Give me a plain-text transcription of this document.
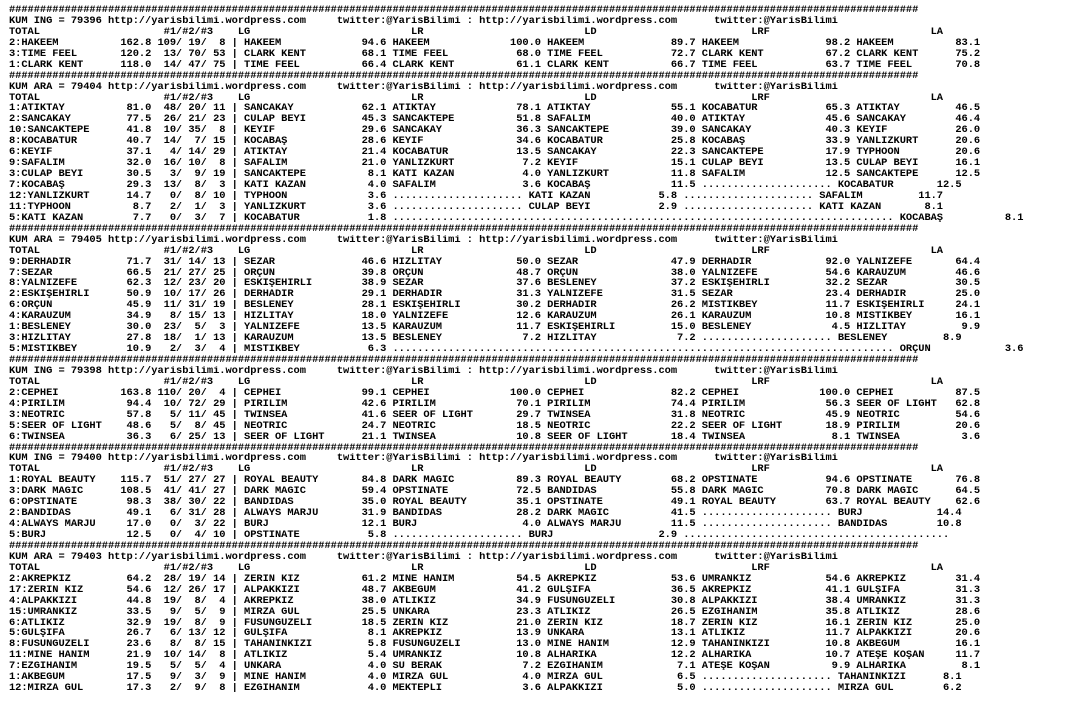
###################################################################################################################################################
KUM ING = 79396 http://yarisbilimi.wordpress.com     twitter:@YarisBilimi : http://yarisbilimi.wordpress.com      twitter:@YarisBilimi
TOTAL                    #1/#2/#3    LG                          LR                          LD                         LRF                          LA
2:HAKEEM          162.8 109/ 19/  8 | HAKEEM             94.6 HAKEEM             100.0 HAKEEM              89.7 HAKEEM              98.2 HAKEEM          83.1
3:TIME FEEL       120.2  13/ 70/ 53 | CLARK KENT         68.1 TIME FEEL           68.0 TIME FEEL           72.7 CLARK KENT          67.2 CLARK KENT      75.2
1:CLARK KENT      118.0  14/ 47/ 75 | TIME FEEL          66.4 CLARK KENT          61.1 CLARK KENT          66.7 TIME FEEL           63.7 TIME FEEL       70.8
###################################################################################################################################################
KUM ARA = 79404 http://yarisbilimi.wordpress.com     twitter:@YarisBilimi : http://yarisbilimi.wordpress.com      twitter:@YarisBilimi
TOTAL                    #1/#2/#3    LG                          LR                          LD                         LRF                          LA
1:ATIKTAY          81.0  48/ 20/ 11 | SANCAKAY           62.1 ATIKTAY             78.1 ATIKTAY             55.1 KOCABATUR           65.3 ATIKTAY         46.5
2:SANCAKAY         77.5  26/ 21/ 23 | CULAP BEYİ         45.3 SANCAKTEPE          51.8 SAFALIM             40.0 ATIKTAY             45.6 SANCAKAY        46.4
10:SANCAKTEPE      41.8  10/ 35/  8 | KEYİF              29.6 SANCAKAY            36.3 SANCAKTEPE          39.0 SANCAKAY            40.3 KEYİF           26.0
8:KOCABATUR        40.7  14/  7/ 15 | KOCABAŞ            28.6 KEYİF               34.6 KOCABATUR           25.8 KOCABAŞ             33.9 YANLIZKURT      20.6
6:KEYİF            37.1   4/ 14/ 29 | ATIKTAY            21.4 KOCABATUR           13.5 SANCAKAY            22.3 SANCAKTEPE          17.9 TYPHOON         20.6
9:SAFALIM          32.0  16/ 10/  8 | SAFALIM            21.0 YANLIZKURT           7.2 KEYİF               15.1 CULAP BEYİ          13.5 CULAP BEYİ      16.1
3:CULAP BEYİ       30.5   3/  9/ 19 | SANCAKTEPE          8.1 KATI KAZAN           4.0 YANLIZKURT          11.8 SAFALIM             12.5 SANCAKTEPE      12.5
7:KOCABAŞ          29.3  13/  8/  3 | KATI KAZAN          4.0 SAFALIM              3.6 KOCABAŞ             11.5 ..................... KOCABATUR       12.5
12:YANLIZKURT      14.7   0/  8/ 10 | TYPHOON             3.6 ..................... KATI KAZAN           5.8 ..................... SAFALIM         11.7
11:TYPHOON          8.7   2/  1/  3 | YANLIZKURT          3.6 ..................... CULAP BEYİ           2.9 ..................... KATI KAZAN       8.1
5:KATI KAZAN        7.7   0/  3/  7 | KOCABATUR           1.8 ................................................................................. KOCABAŞ          8.1
###################################################################################################################################################
KUM ARA = 79405 http://yarisbilimi.wordpress.com     twitter:@YarisBilimi : http://yarisbilimi.wordpress.com      twitter:@YarisBilimi
TOTAL                    #1/#2/#3    LG                          LR                          LD                         LRF                          LA
9:DERHADIR         71.7  31/ 14/ 13 | SEZAR              46.6 HIZLITAY            50.0 SEZAR               47.9 DERHADIR            92.0 YALNIZEFE       64.4
7:SEZAR            66.5  21/ 27/ 25 | ORÇUN              39.8 ORÇUN               48.7 ORÇUN               38.0 YALNIZEFE           54.6 KARAÜZÜM        46.6
8:YALNIZEFE        62.3  12/ 23/ 20 | ESKİŞEHİRLİ        38.9 SEZAR               37.6 BESLENEY            37.2 ESKİŞEHİRLİ         32.2 SEZAR           30.5
2:ESKİŞEHİRLİ      50.9  10/ 17/ 26 | DERHADIR           29.1 DERHADIR            31.3 YALNIZEFE           31.5 SEZAR               23.4 DERHADIR        25.0
6:ORÇUN            45.9  11/ 31/ 19 | BESLENEY           28.1 ESKİŞEHİRLİ         30.2 DERHADIR            26.2 MISTIKBEY           11.7 ESKİŞEHİRLİ     24.1
4:KARAÜZÜM         34.9   8/ 15/ 13 | HIZLITAY           18.0 YALNIZEFE           12.6 KARAÜZÜM            26.1 KARAÜZÜM            10.8 MISTIKBEY       16.1
1:BESLENEY         30.0  23/  5/  3 | YALNIZEFE          13.5 KARAÜZÜM            11.7 ESKİŞEHİRLİ         15.0 BESLENEY             4.5 HIZLITAY         9.9
3:HIZLITAY         27.8  18/  1/ 13 | KARAÜZÜM           13.5 BESLENEY             7.2 HIZLITAY             7.2 ..................... BESLENEY         8.9
5:MISTIKBEY        10.9   2/  3/  4 | MISTIKBEY           6.3 ................................................................................. ORÇUN            3.6
###################################################################################################################################################
KUM ING = 79398 http://yarisbilimi.wordpress.com     twitter:@YarisBilimi : http://yarisbilimi.wordpress.com      twitter:@YarisBilimi
TOTAL                    #1/#2/#3    LG                          LR                          LD                         LRF                          LA
2:CEPHEI          163.8 110/ 20/  4 | CEPHEI             99.1 CEPHEI             100.0 CEPHEI              82.2 CEPHEI             100.0 CEPHEI          87.5
4:PIRILIM          94.4  10/ 72/ 29 | PIRILIM            42.6 PIRILIM             70.1 PIRILIM             74.4 PIRILIM             56.3 SEER OF LIGHT   62.8
3:NEOTRIC          57.8   5/ 11/ 45 | TWINSEA            41.6 SEER OF LIGHT       29.7 TWINSEA             31.8 NEOTRIC             45.9 NEOTRIC         54.6
5:SEER OF LIGHT    48.6   5/  8/ 45 | NEOTRIC            24.7 NEOTRIC             18.5 NEOTRIC             22.2 SEER OF LIGHT       18.9 PIRILIM         20.6
6:TWINSEA          36.3   6/ 25/ 13 | SEER OF LIGHT      21.1 TWINSEA             10.8 SEER OF LIGHT       18.4 TWINSEA              8.1 TWINSEA          3.6
###################################################################################################################################################
KUM ING = 79400 http://yarisbilimi.wordpress.com     twitter:@YarisBilimi : http://yarisbilimi.wordpress.com      twitter:@YarisBilimi
TOTAL                    #1/#2/#3    LG                          LR                          LD                         LRF                          LA
1:ROYAL BEAUTY    115.7  51/ 27/ 27 | ROYAL BEAUTY       84.8 DARK MAGIC          89.3 ROYAL BEAUTY        68.2 OPSTINATE           94.6 OPSTINATE       76.8
3:DARK MAGIC      108.5  41/ 41/ 27 | DARK MAGIC         59.4 OPSTINATE           72.5 BANDIDAS            55.8 DARK MAGIC          70.8 DARK MAGIC      64.5
6:OPSTINATE        98.3  38/ 30/ 22 | BANDIDAS           35.0 ROYAL BEAUTY        35.1 OPSTINATE           49.1 ROYAL BEAUTY        63.7 ROYAL BEAUTY    62.6
2:BANDIDAS         49.1   6/ 31/ 28 | ALWAYS MARJU       31.9 BANDIDAS            28.2 DARK MAGIC          41.5 ..................... BURJ            14.4
4:ALWAYS MARJU     17.0   0/  3/ 22 | BURJ               12.1 BURJ                 4.0 ALWAYS MARJU        11.5 ..................... BANDIDAS        10.8
5:BURJ             12.5   0/  4/ 10 | OPSTINATE           5.8 ..................... BURJ                 2.9 ...........................................
###################################################################################################################################################
KUM ARA = 79403 http://yarisbilimi.wordpress.com     twitter:@YarisBilimi : http://yarisbilimi.wordpress.com      twitter:@YarisBilimi
TOTAL                    #1/#2/#3    LG                          LR                          LD                         LRF                          LA
2:AKREPKIZ         64.2  28/ 19/ 14 | ZERİN KIZ          61.2 MİNE HANIM          54.5 AKREPKIZ            53.6 ÜMRANKIZ            54.6 AKREPKIZ        31.4
17:ZERİN KIZ       54.6  12/ 26/ 17 | ALPAKKIZI          48.7 AKBEGÜM             41.2 GÜLŞİFA             36.5 AKREPKIZ            41.1 GÜLŞİFA         31.3
4:ALPAKKIZI        44.8  19/  8/  4 | AKREPKIZ           38.0 ATLIKIZ             34.9 FÜSUNGÜZELİ         30.8 ALPAKKIZI           38.4 ÜMRANKIZ        31.3
15:ÜMRANKIZ        33.5   9/  5/  9 | MİRZA GÜL          25.5 ÜNKARA              23.3 ATLIKIZ             26.5 EZGİHANIM           35.8 ATLIKIZ         28.6
6:ATLIKIZ          32.9  19/  8/  9 | FÜSUNGÜZELİ        18.5 ZERİN KIZ           21.0 ZERİN KIZ           18.7 ZERİN KIZ           16.1 ZERİN KIZ       25.0
5:GÜLŞİFA          26.7   6/ 13/ 12 | GÜLŞİFA             8.1 AKREPKIZ            13.9 ÜNKARA              13.1 ATLIKIZ             11.7 ALPAKKIZI       20.6
8:FÜSUNGÜZELİ      23.6   8/  8/ 15 | TAHANİNKIZI         5.8 FÜSUNGÜZELİ         13.0 MİNE HANIM          12.9 TAHANİNKIZI         10.8 AKBEGÜM         16.1
11:MİNE HANIM      21.9  10/ 14/  8 | ATLIKIZ             5.4 ÜMRANKIZ            10.8 ALHARİKA            12.2 ALHARİKA            10.7 ATEŞE KOŞAN     11.7
7:EZGİHANIM        19.5   5/  5/  4 | ÜNKARA              4.0 SU BERAK             7.2 EZGİHANIM            7.1 ATEŞE KOŞAN          9.9 ALHARİKA         8.1
1:AKBEGÜM          17.5   9/  3/  9 | MİNE HANIM          4.0 MİRZA GÜL            4.0 MİRZA GÜL            6.5 ..................... TAHANİNKIZI      8.1
12:MİRZA GÜL       17.3   2/  9/  8 | EZGİHANIM           4.0 MEKTEPLİ             3.6 ALPAKKIZI            5.0 ..................... MİRZA GÜL        6.2
